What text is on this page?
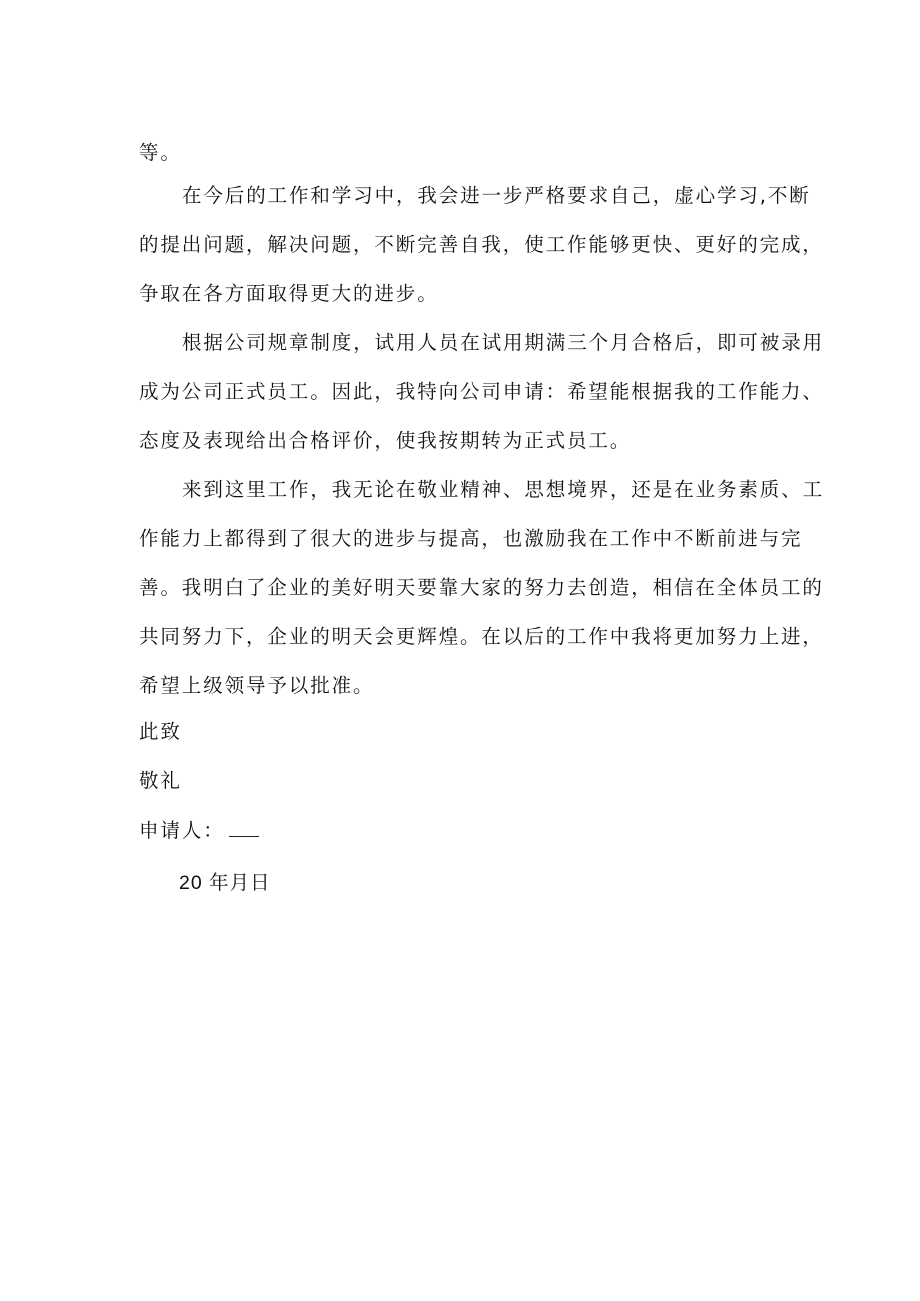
等。
在今后的工作和学习中，我会进一步严格要求自己，虚心学习,不断
的提出问题，解决问题，不断完善自我，使工作能够更快、更好的完成，
争取在各方面取得更大的进步。
根据公司规章制度，试用人员在试用期满三个月合格后，即可被录用
成为公司正式员工。因此，我特向公司申请：希望能根据我的工作能力、
态度及表现给出合格评价，使我按期转为正式员工。
来到这里工作，我无论在敬业精神、思想境界，还是在业务素质、工
作能力上都得到了很大的进步与提高，也激励我在工作中不断前进与完
善。我明白了企业的美好明天要靠大家的努力去创造，相信在全体员工的
共同努力下，企业的明天会更辉煌。在以后的工作中我将更加努力上进，
希望上级领导予以批准。
此致
敬礼
申请人：
20 年月日
